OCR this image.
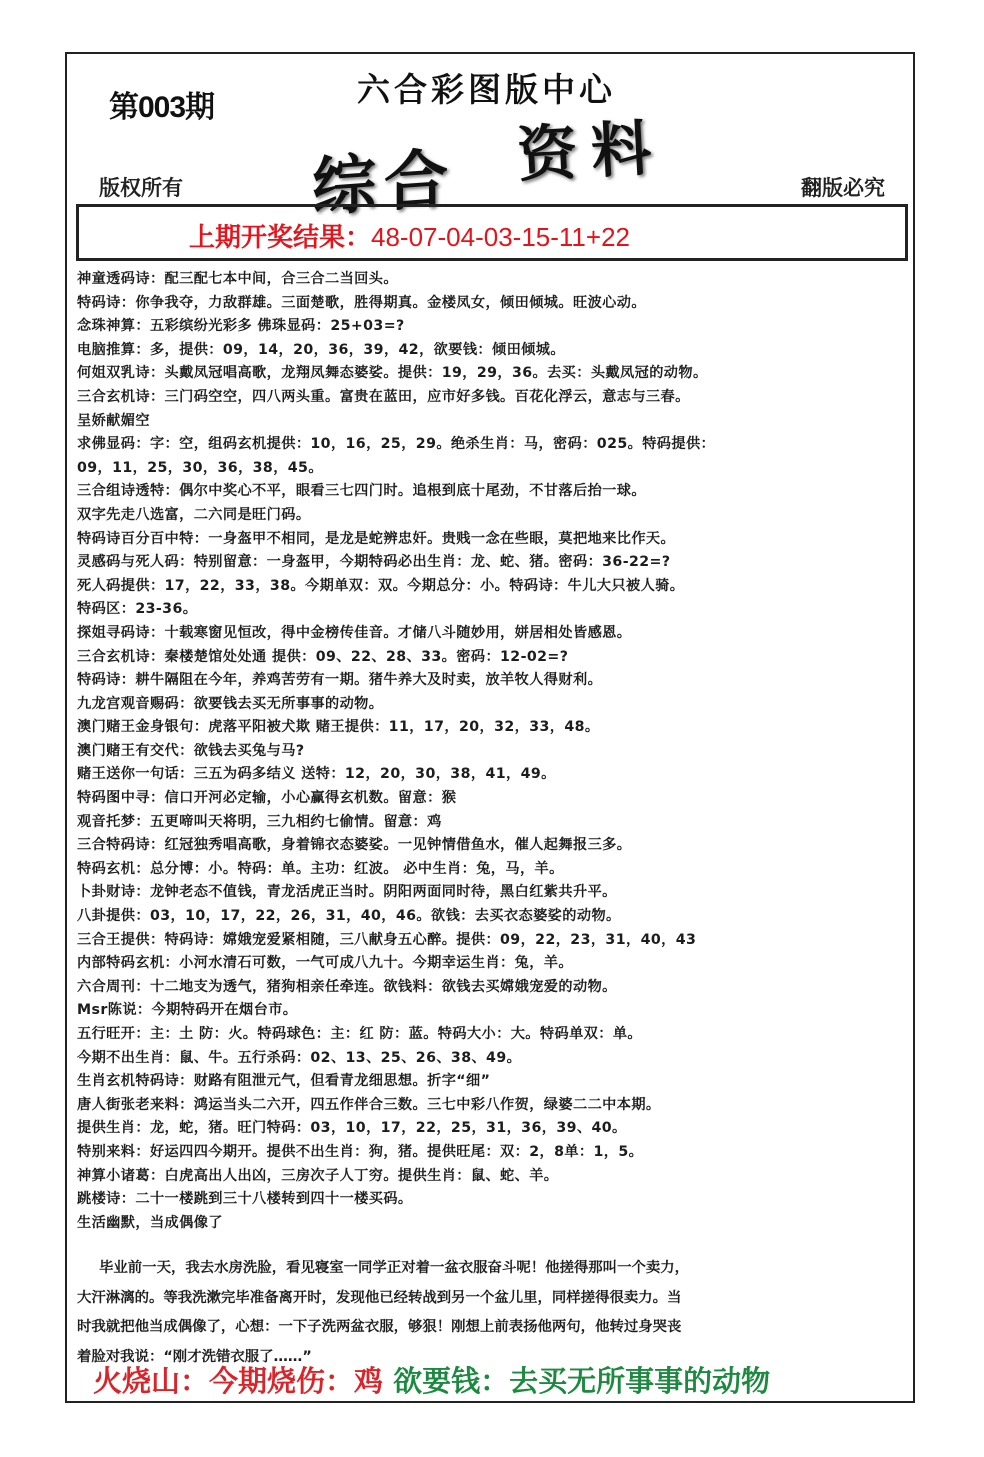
第003期	六合彩图版中心
综合 资料
版权所有	翻版必究
上期开奖结果：48-07-04-03-15-11+22
神童透码诗：配三配七本中间，合三合二当回头。
特码诗：你争我夺，力敌群雄。三面楚歌，胜得期真。金楼凤女，倾田倾城。旺波心动。
念珠神算：五彩缤纷光彩多 佛珠显码：25+03=?
电脑推算：多，提供：09，14，20，36，39，42，欲要钱：倾田倾城。
何姐双乳诗：头戴凤冠唱高歌，龙翔凤舞态婆娑。提供：19，29，36。去买：头戴凤冠的动物。
三合玄机诗：三门码空空，四八两头重。富贵在蓝田，应市好多钱。百花化浮云，意志与三春。
呈娇献媚空
求佛显码：字：空，组码玄机提供：10，16，25，29。绝杀生肖：马，密码：025。特码提供：
09，11，25，30，36，38，45。
三合组诗透特：偶尔中奖心不平，眼看三七四门时。追根到底十尾劲，不甘落后抬一球。
双字先走八选富，二六同是旺门码。
特码诗百分百中特：一身盔甲不相同，是龙是蛇辨忠奸。贵贱一念在些眼，莫把地来比作天。
灵感码与死人码：特别留意：一身盔甲，今期特码必出生肖：龙、蛇、猪。密码：36-22=?
死人码提供：17，22，33，38。今期单双：双。今期总分：小。特码诗：牛儿大只被人骑。
特码区：23-36。
探姐寻码诗：十载寒窗见恒改，得中金榜传佳音。才储八斗随妙用，姘居相处皆感恩。
三合玄机诗：秦楼楚馆处处通 提供：09、22、28、33。密码：12-02=?
特码诗：耕牛隔阻在今年，养鸡苦劳有一期。猪牛养大及时卖，放羊牧人得财利。
九龙宫观音赐码：欲要钱去买无所事事的动物。
澳门赌王金身银句：虎落平阳被犬欺 赌王提供：11，17，20，32，33，48。
澳门赌王有交代：欲钱去买兔与马?
赌王送你一句话：三五为码多结义 送特：12，20，30，38，41，49。
特码图中寻：信口开河必定输，小心赢得玄机数。留意：猴
观音托梦：五更啼叫天将明，三九相约七偷情。留意：鸡
三合特码诗：红冠独秀唱高歌，身着锦衣态婆娑。一见钟情借鱼水，催人起舞报三多。
特码玄机：总分博：小。特码：单。主功：红波。 必中生肖：兔，马，羊。
卜卦财诗：龙钟老态不值钱，青龙活虎正当时。阴阳两面同时待，黑白红紫共升平。
八卦提供：03，10，17，22，26，31，40，46。欲钱：去买衣态婆娑的动物。
三合王提供：特码诗：嫦娥宠爱紧相随，三八献身五心醉。提供：09，22，23，31，40，43
内部特码玄机：小河水清石可数，一气可成八九十。今期幸运生肖：兔，羊。
六合周刊：十二地支为透气，猪狗相亲任牵连。欲钱料：欲钱去买嫦娥宠爱的动物。
Msr陈说：今期特码开在烟台市。
五行旺开：主：土 防：火。特码球色：主：红 防：蓝。特码大小：大。特码单双：单。
今期不出生肖：鼠、牛。五行杀码：02、13、25、26、38、49。
生肖玄机特码诗：财路有阻泄元气，但看青龙细思想。折字“细”
唐人街张老来料：鸿运当头二六开，四五作伴合三数。三七中彩八作贺，绿婆二二中本期。
提供生肖：龙，蛇，猪。旺门特码：03，10，17，22，25，31，36，39、40。
特别来料：好运四四今期开。提供不出生肖：狗，猪。提供旺尾：双：2，8单：1，5。
神算小诸葛：白虎高出人出凶，三房次子人丁穷。提供生肖：鼠、蛇、羊。
跳楼诗：二十一楼跳到三十八楼转到四十一楼买码。
生活幽默，当成偶像了
毕业前一天，我去水房洗脸，看见寝室一同学正对着一盆衣服奋斗呢！他搓得那叫一个卖力，
大汗淋漓的。等我洗漱完毕准备离开时，发现他已经转战到另一个盆儿里，同样搓得很卖力。当
时我就把他当成偶像了，心想：一下子洗两盆衣服，够狠！刚想上前表扬他两句，他转过身哭丧
着脸对我说：“刚才洗错衣服了……”
火烧山：今期烧伤：鸡 欲要钱：去买无所事事的动物
